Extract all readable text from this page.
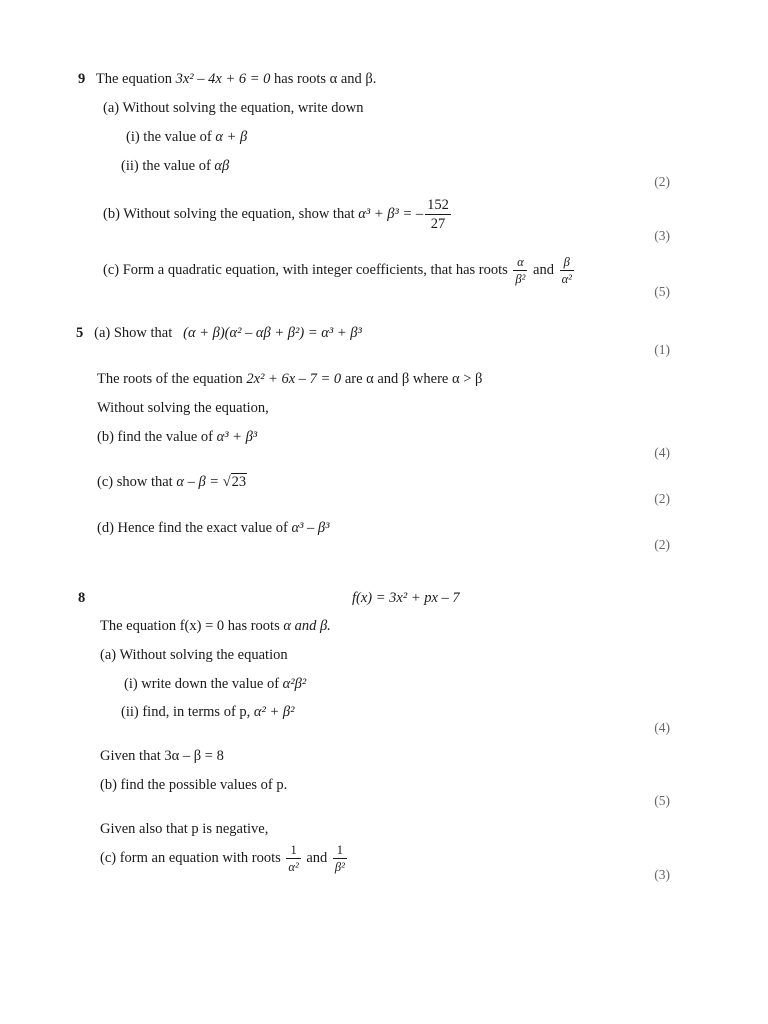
9 The equation 3x² – 4x + 6 = 0 has roots α and β.
(a) Without solving the equation, write down
(i) the value of α + β
(ii) the value of αβ
(2)
(b) Without solving the equation, show that α³ + β³ = – $\frac{152}{27}$
(3)
(c) Form a quadratic equation, with integer coefficients, that has roots $\frac{\alpha}{\text{β²}}$ and $\frac{\beta}{\text{α²}}$
(5)
5 (a) Show that (α + β)(α² – αβ + β²) = α³ + β³
(1)
The roots of the equation 2x² + 6x – 7 = 0 are α and β where α > β
Without solving the equation,
(b) find the value of α³ + β³
(4)
(c) show that α – β = √23
(2)
(d) Hence find the exact value of α³ – β³
(2)
8	f(x) = 3x² + px – 7
The equation f(x) = 0 has roots α and β.
(a) Without solving the equation
(i) write down the value of α²β²
(ii) find, in terms of p, α² + β²
(4)
Given that 3α – β = 8
(b) find the possible values of p.
(5)
Given also that p is negative,
(c) form an equation with roots $\frac{1}{\text{α²}}$ and $\frac{1}{\text{β²}}$
(3)
